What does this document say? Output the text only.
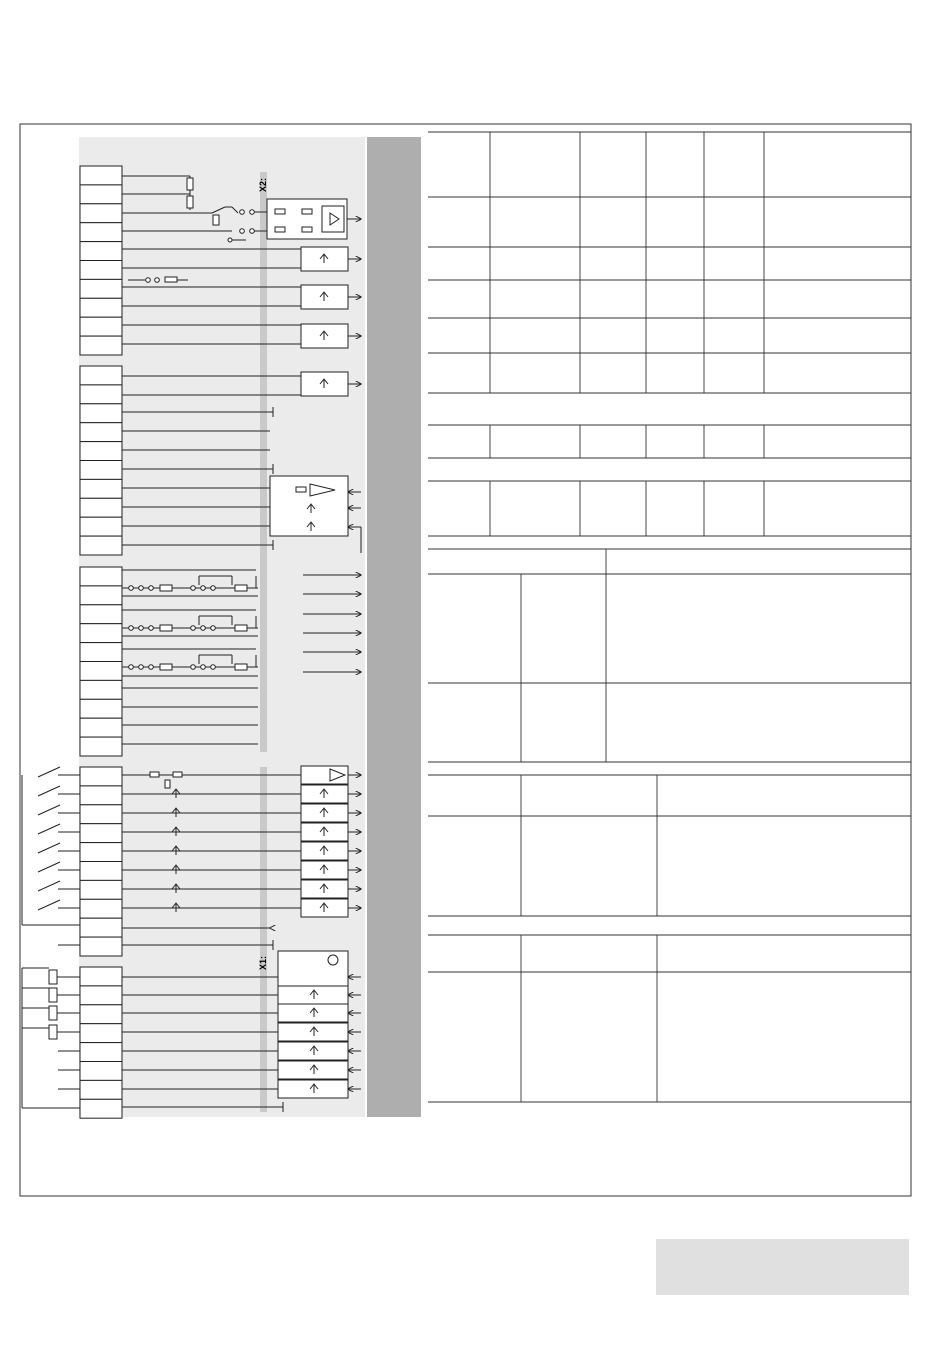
X2:
X1:
